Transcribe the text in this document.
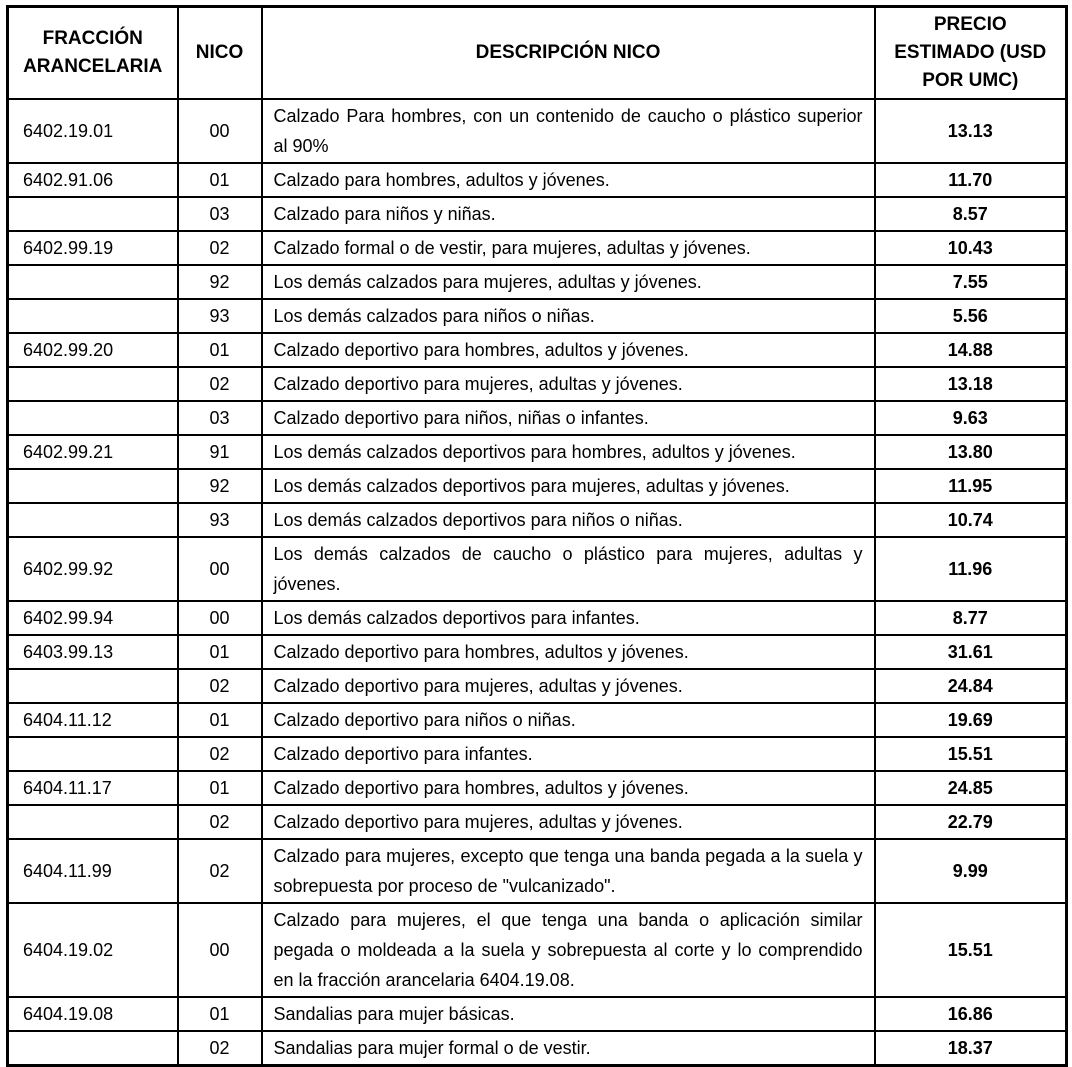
FRACCIÓN ARANCELARIA	NICO	DESCRIPCIÓN NICO	PRECIO ESTIMADO (USD POR UMC)
6402.19.01	00	Calzado Para hombres, con un contenido de caucho o plástico superior al 90%	13.13
6402.91.06	01	Calzado para hombres, adultos y jóvenes.	11.70
	03	Calzado para niños y niñas.	8.57
6402.99.19	02	Calzado formal o de vestir, para mujeres, adultas y jóvenes.	10.43
	92	Los demás calzados para mujeres, adultas y jóvenes.	7.55
	93	Los demás calzados para niños o niñas.	5.56
6402.99.20	01	Calzado deportivo para hombres, adultos y jóvenes.	14.88
	02	Calzado deportivo para mujeres, adultas y jóvenes.	13.18
	03	Calzado deportivo para niños, niñas o infantes.	9.63
6402.99.21	91	Los demás calzados deportivos para hombres, adultos y jóvenes.	13.80
	92	Los demás calzados deportivos para mujeres, adultas y jóvenes.	11.95
	93	Los demás calzados deportivos para niños o niñas.	10.74
6402.99.92	00	Los demás calzados de caucho o plástico para mujeres, adultas y jóvenes.	11.96
6402.99.94	00	Los demás calzados deportivos para infantes.	8.77
6403.99.13	01	Calzado deportivo para hombres, adultos y jóvenes.	31.61
	02	Calzado deportivo para mujeres, adultas y jóvenes.	24.84
6404.11.12	01	Calzado deportivo para niños o niñas.	19.69
	02	Calzado deportivo para infantes.	15.51
6404.11.17	01	Calzado deportivo para hombres, adultos y jóvenes.	24.85
	02	Calzado deportivo para mujeres, adultas y jóvenes.	22.79
6404.11.99	02	Calzado para mujeres, excepto que tenga una banda pegada a la suela y sobrepuesta por proceso de "vulcanizado".	9.99
6404.19.02	00	Calzado para mujeres, el que tenga una banda o aplicación similar pegada o moldeada a la suela y sobrepuesta al corte y lo comprendido en la fracción arancelaria 6404.19.08.	15.51
6404.19.08	01	Sandalias para mujer básicas.	16.86
	02	Sandalias para mujer formal o de vestir.	18.37
